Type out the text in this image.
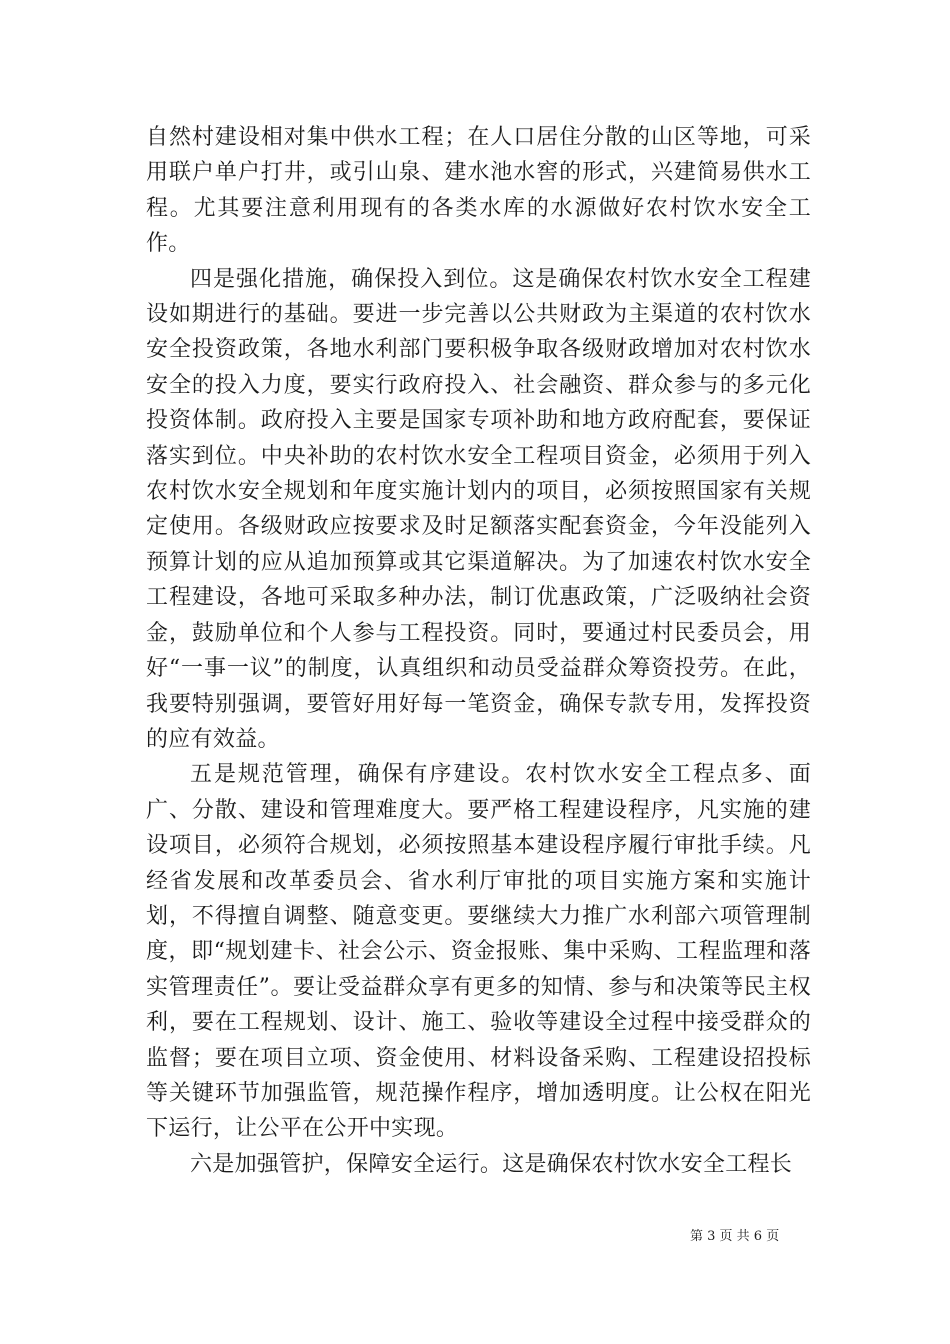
自然村建设相对集中供水工程；在人口居住分散的山区等地，可采用联户单户打井，或引山泉、建水池水窖的形式，兴建简易供水工程。尤其要注意利用现有的各类水库的水源做好农村饮水安全工作。

四是强化措施，确保投入到位。这是确保农村饮水安全工程建设如期进行的基础。要进一步完善以公共财政为主渠道的农村饮水安全投资政策，各地水利部门要积极争取各级财政增加对农村饮水安全的投入力度，要实行政府投入、社会融资、群众参与的多元化投资体制。政府投入主要是国家专项补助和地方政府配套，要保证落实到位。中央补助的农村饮水安全工程项目资金，必须用于列入农村饮水安全规划和年度实施计划内的项目，必须按照国家有关规定使用。各级财政应按要求及时足额落实配套资金，今年没能列入预算计划的应从追加预算或其它渠道解决。为了加速农村饮水安全工程建设，各地可采取多种办法，制订优惠政策，广泛吸纳社会资金，鼓励单位和个人参与工程投资。同时，要通过村民委员会，用好“一事一议”的制度，认真组织和动员受益群众筹资投劳。在此，我要特别强调，要管好用好每一笔资金，确保专款专用，发挥投资的应有效益。

五是规范管理，确保有序建设。农村饮水安全工程点多、面广、分散、建设和管理难度大。要严格工程建设程序，凡实施的建设项目，必须符合规划，必须按照基本建设程序履行审批手续。凡经省发展和改革委员会、省水利厅审批的项目实施方案和实施计划，不得擅自调整、随意变更。要继续大力推广水利部六项管理制度，即“规划建卡、社会公示、资金报账、集中采购、工程监理和落实管理责任”。要让受益群众享有更多的知情、参与和决策等民主权利，要在工程规划、设计、施工、验收等建设全过程中接受群众的监督；要在项目立项、资金使用、材料设备采购、工程建设招投标等关键环节加强监管，规范操作程序，增加透明度。让公权在阳光下运行，让公平在公开中实现。

六是加强管护，保障安全运行。这是确保农村饮水安全工程长

第 3 页 共 6 页
